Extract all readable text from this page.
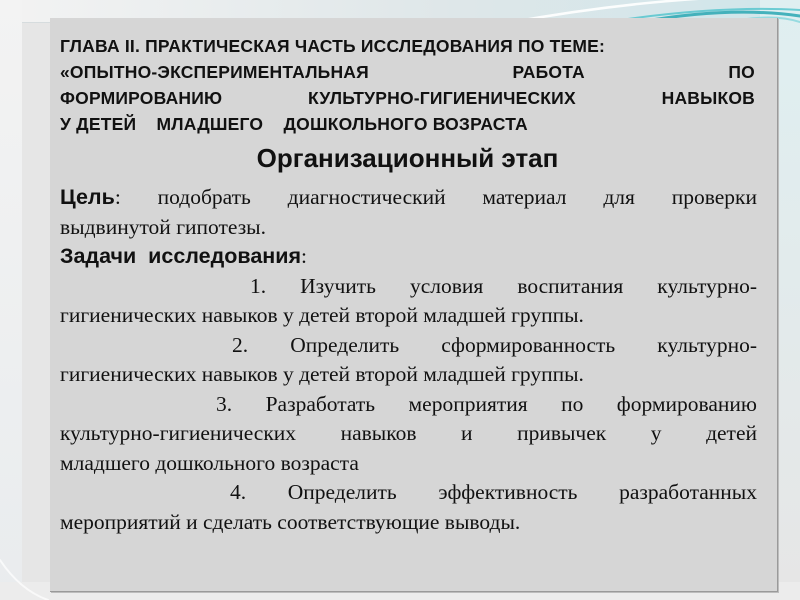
ГЛАВА II. ПРАКТИЧЕСКАЯ ЧАСТЬ ИССЛЕДОВАНИЯ ПО ТЕМЕ:
«ОПЫТНО-ЭКСПЕРИМЕНТАЛЬНАЯ РАБОТА ПО
ФОРМИРОВАНИЮ КУЛЬТУРНО-ГИГИЕНИЧЕСКИХ НАВЫКОВ
У ДЕТЕЙ    МЛАДШЕГО    ДОШКОЛЬНОГО ВОЗРАСТА
Организационный этап

Цель: подобрать диагностический материал для проверки
выдвинутой гипотезы.

Задачи  исследования:

1. Изучить условия воспитания культурно-
гигиенических навыков у детей второй младшей группы.

2. Определить сформированность культурно-
гигиенических навыков у детей второй младшей группы.

3. Разработать мероприятия по формированию
культурно-гигиенических навыков и привычек у детей
младшего дошкольного возраста

4. Определить эффективность разработанных
мероприятий и сделать соответствующие выводы.
